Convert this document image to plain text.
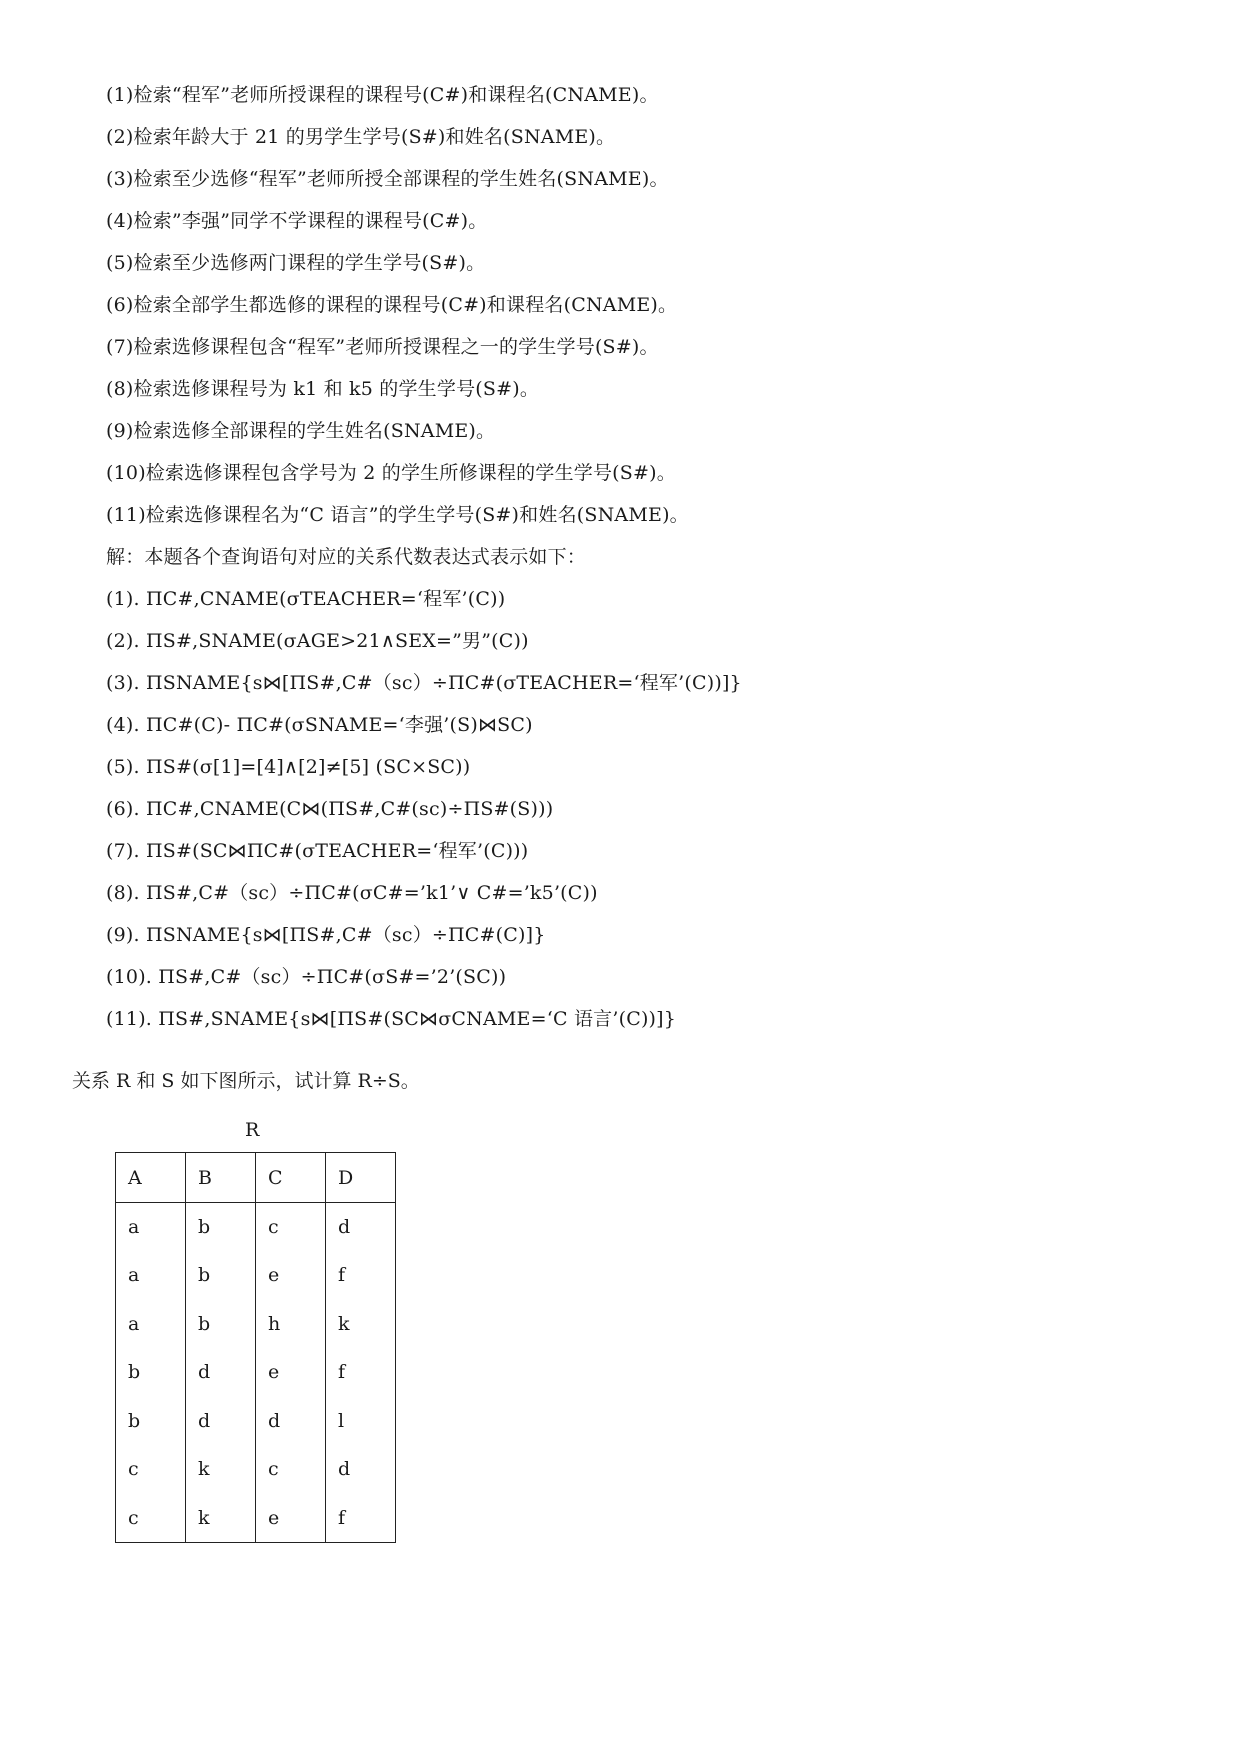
(1)检索“程军”老师所授课程的课程号(C#)和课程名(CNAME)。
(2)检索年龄大于 21 的男学生学号(S#)和姓名(SNAME)。
(3)检索至少选修“程军”老师所授全部课程的学生姓名(SNAME)。
(4)检索”李强”同学不学课程的课程号(C#)。
(5)检索至少选修两门课程的学生学号(S#)。
(6)检索全部学生都选修的课程的课程号(C#)和课程名(CNAME)。
(7)检索选修课程包含“程军”老师所授课程之一的学生学号(S#)。
(8)检索选修课程号为 k1 和 k5 的学生学号(S#)。
(9)检索选修全部课程的学生姓名(SNAME)。
(10)检索选修课程包含学号为 2 的学生所修课程的学生学号(S#)。
(11)检索选修课程名为“C 语言”的学生学号(S#)和姓名(SNAME)。
解：本题各个查询语句对应的关系代数表达式表示如下：
(1). ΠC#,CNAME(σTEACHER=‘程军’(C))
(2). ΠS#,SNAME(σAGE>21∧SEX=”男”(C))
(3). ΠSNAME{s⋈[ΠS#,C#（sc）÷ΠC#(σTEACHER=‘程军’(C))]}
(4). ΠC#(C)- ΠC#(σSNAME=‘李强’(S)⋈SC)
(5). ΠS#(σ[1]=[4]∧[2]≠[5] (SC×SC))
(6). ΠC#,CNAME(C⋈(ΠS#,C#(sc)÷ΠS#(S)))
(7). ΠS#(SC⋈ΠC#(σTEACHER=‘程军’(C)))
(8). ΠS#,C#（sc）÷ΠC#(σC#=’k1’∨ C#=’k5’(C))
(9). ΠSNAME{s⋈[ΠS#,C#（sc）÷ΠC#(C)]}
(10). ΠS#,C#（sc）÷ΠC#(σS#=’2’(SC))
(11). ΠS#,SNAME{s⋈[ΠS#(SC⋈σCNAME=‘C 语言’(C))]}
关系 R 和 S 如下图所示，试计算 R÷S。
R
A	B	C	D
a	b	c	d
a	b	e	f
a	b	h	k
b	d	e	f
b	d	d	l
c	k	c	d
c	k	e	f
